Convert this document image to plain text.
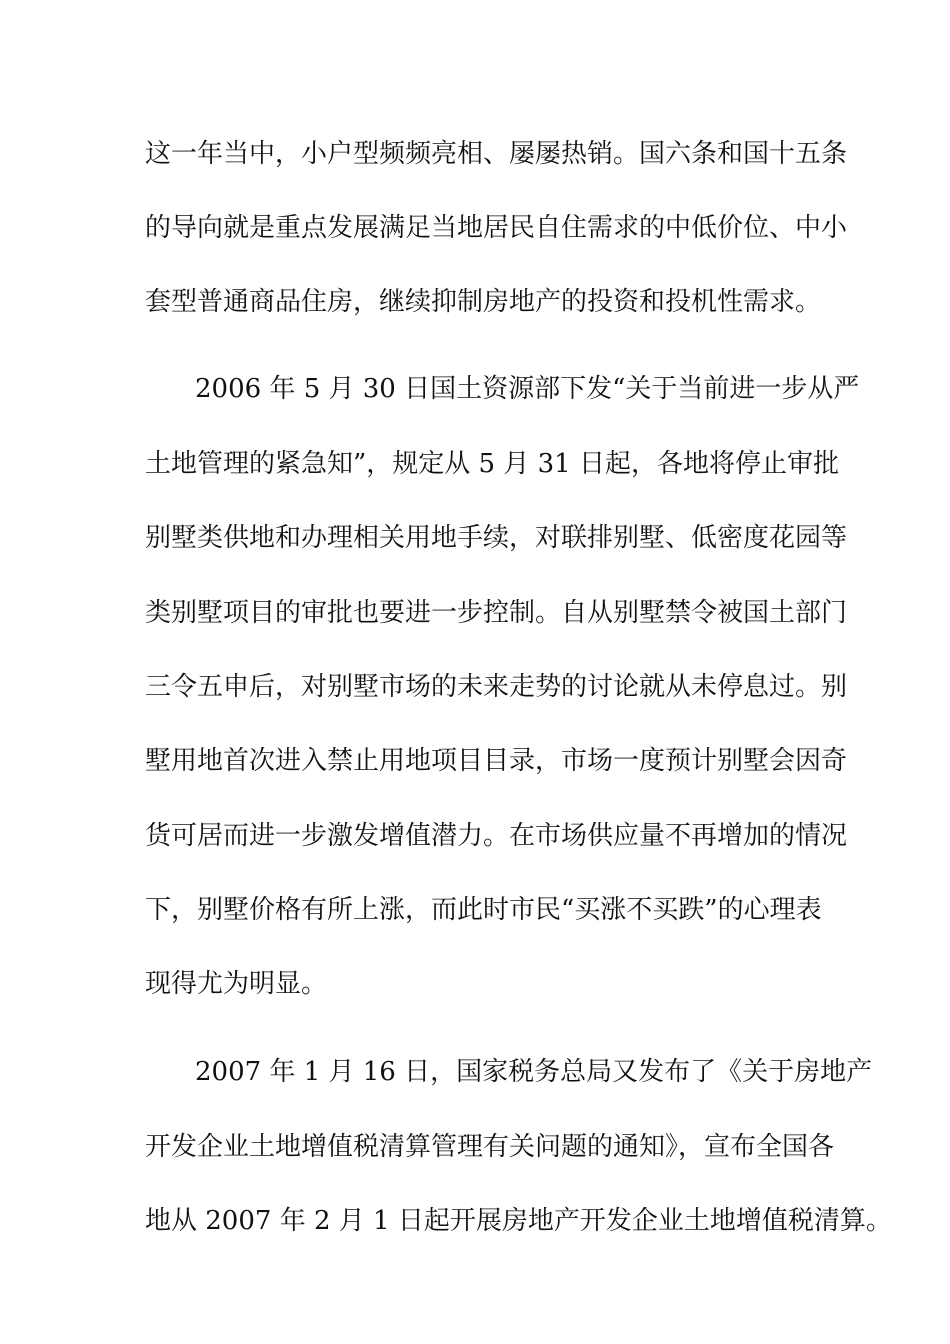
这一年当中，小户型频频亮相、屡屡热销。国六条和国十五条
的导向就是重点发展满足当地居民自住需求的中低价位、中小
套型普通商品住房，继续抑制房地产的投资和投机性需求。
2006 年 5 月 30 日国土资源部下发“关于当前进一步从严
土地管理的紧急知”，规定从 5 月 31 日起，各地将停止审批
别墅类供地和办理相关用地手续，对联排别墅、低密度花园等
类别墅项目的审批也要进一步控制。自从别墅禁令被国土部门
三令五申后，对别墅市场的未来走势的讨论就从未停息过。别
墅用地首次进入禁止用地项目目录，市场一度预计别墅会因奇
货可居而进一步激发增值潜力。在市场供应量不再增加的情况
下，别墅价格有所上涨，而此时市民“买涨不买跌”的心理表
现得尤为明显。
2007 年 1 月 16 日，国家税务总局又发布了《关于房地产
开发企业土地增值税清算管理有关问题的通知》，宣布全国各
地从 2007 年 2 月 1 日起开展房地产开发企业土地增值税清算。
